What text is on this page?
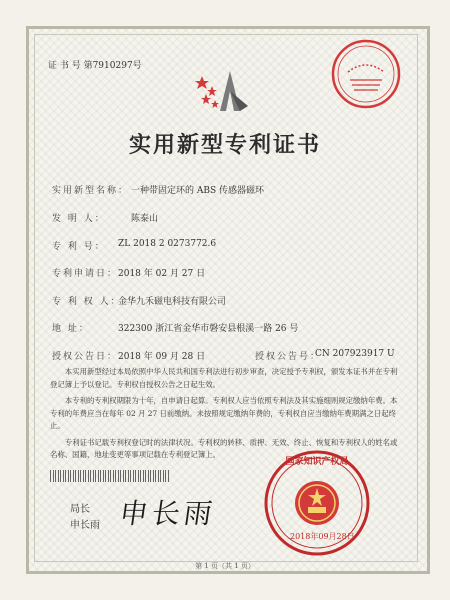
证 书 号 第7910297号
实用新型专利证书
实用新型名称： 一种带固定环的 ABS 传感器磁环
发 明 人：	陈泰山
专 利 号： ZL 2018 2 0273772.6
专利申请日： 2018 年 02 月 27 日
专 利 权 人：
金华九禾磁电科技有限公司
地 址：	322300 浙江省金华市磐安县根溪一路 26 号
授权公告日： 2018 年 09 月 28 日	授权公告号：
CN 207923917 U

本实用新型经过本局依照中华人民共和国专利法进行初步审查，决定授予专利权，颁发本证书并在专利登记簿上予以登记。专利权自授权公告之日起生效。

本专利的专利权期限为十年，自申请日起算。专利权人应当依照专利法及其实施细则规定缴纳年费。本专利的年费应当在每年 02 月 27 日前缴纳。未按照规定缴纳年费的，专利权自应当缴纳年费期满之日起终止。

专利证书记载专利权登记时的法律状况。专利权的转移、质押、无效、终止、恢复和专利权人的姓名或名称、国籍、地址变更等事项记载在专利登记簿上。

局长
申长雨 申长雨
国家知识产权局
2018年09月28日
第 1 页（共 1 页）
